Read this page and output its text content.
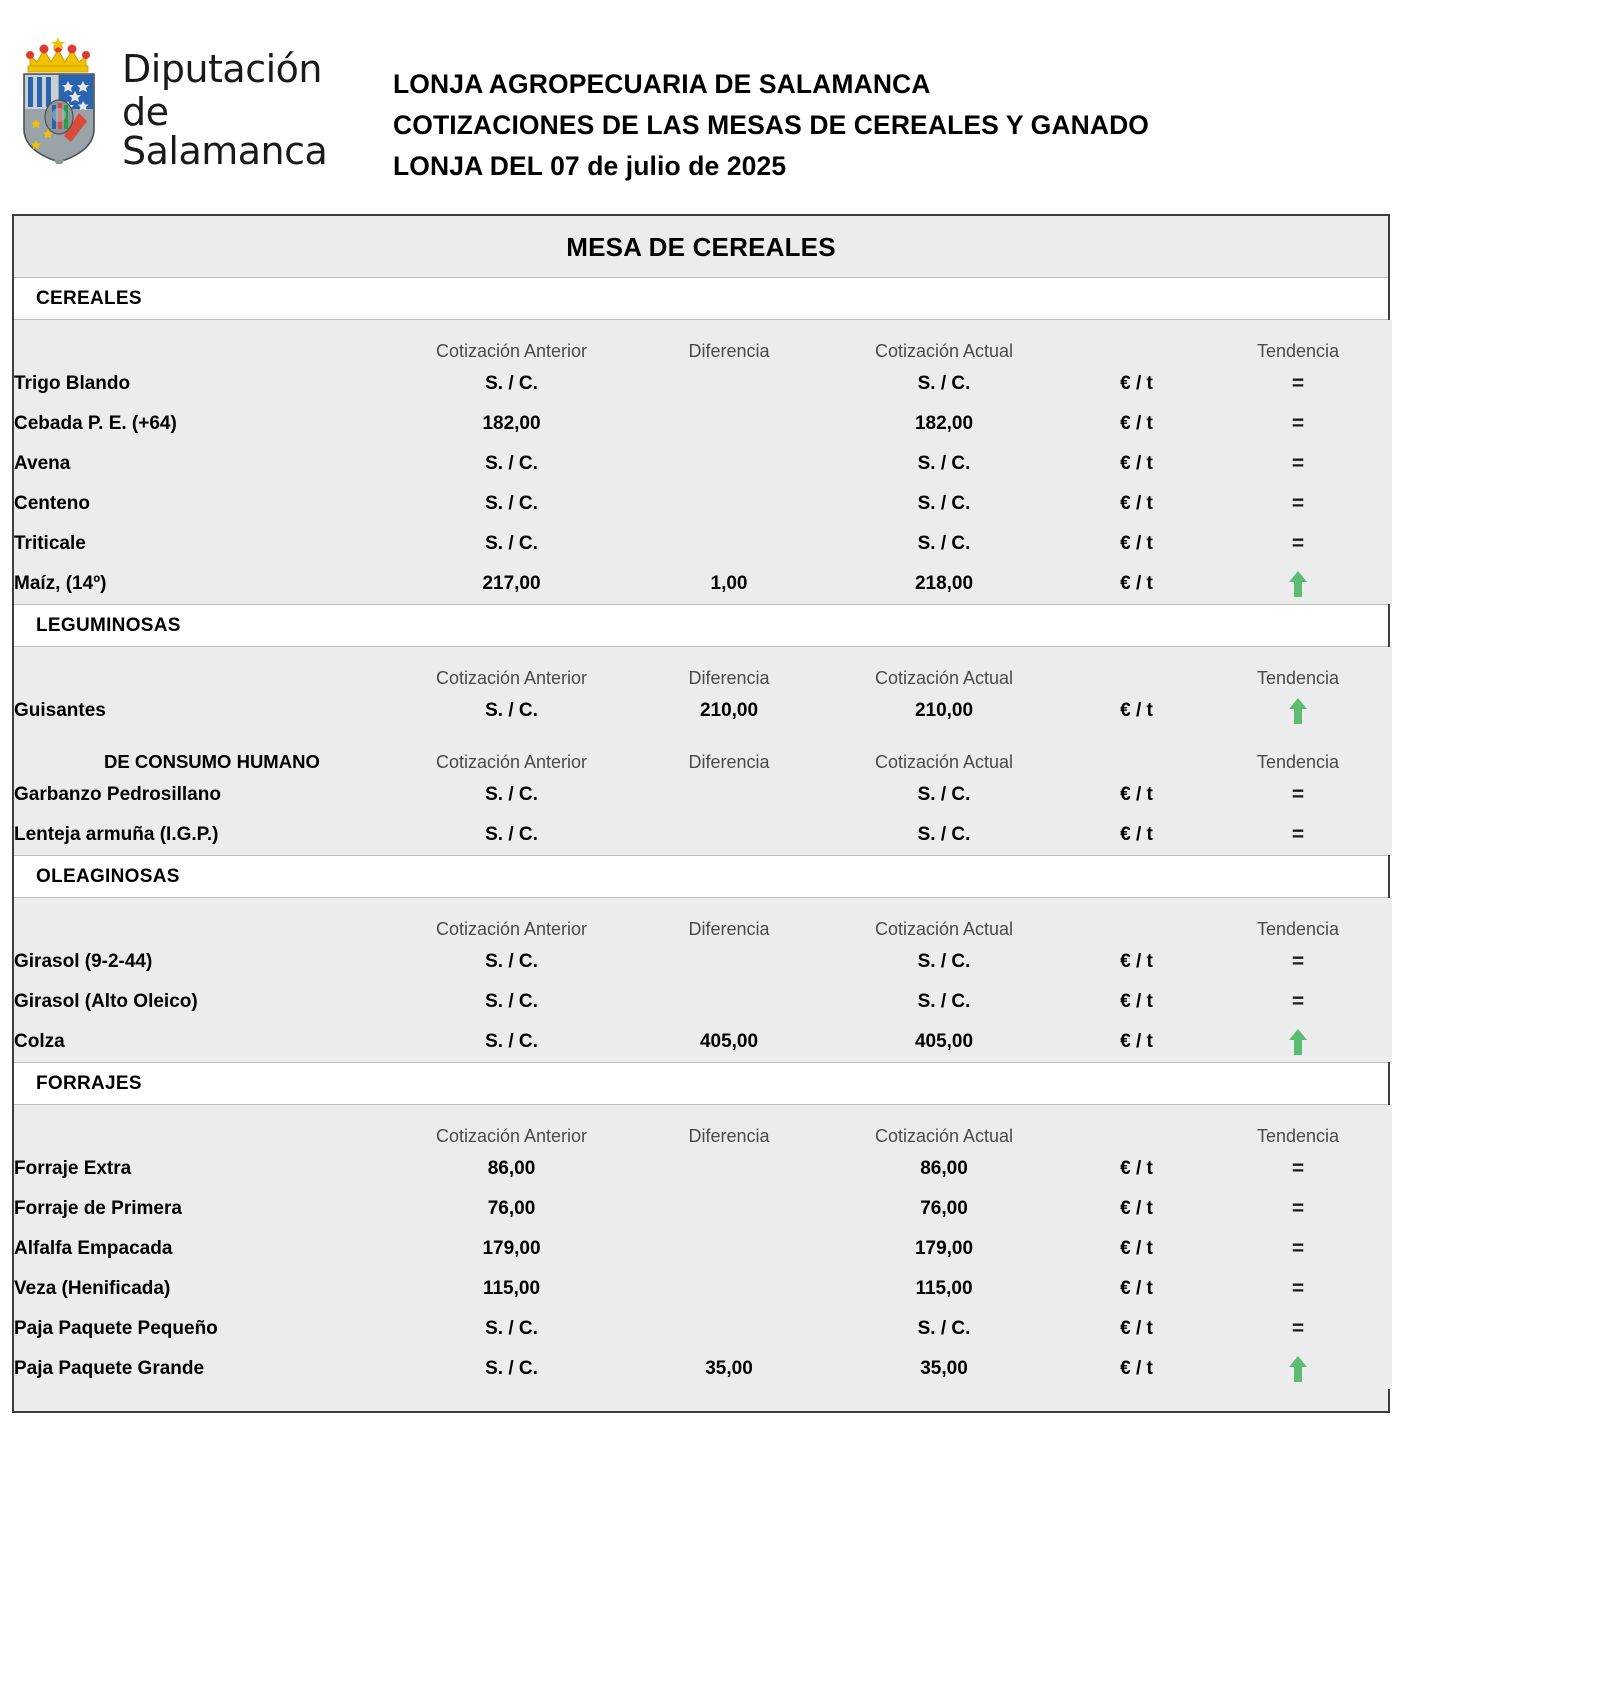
Diputación
de Salamanca
LONJA AGROPECUARIA DE SALAMANCA
COTIZACIONES DE LAS MESAS DE CEREALES Y GANADO
LONJA DEL 07 de julio de 2025
MESA DE CEREALES
CEREALES
	Cotización Anterior	Diferencia	Cotización Actual		Tendencia
Trigo Blando	S. / C.		S. / C.	€ / t	=
Cebada P. E. (+64)	182,00		182,00	€ / t	=
Avena	S. / C.		S. / C.	€ / t	=
Centeno	S. / C.		S. / C.	€ / t	=
Triticale	S. / C.		S. / C.	€ / t	=
Maíz, (14º)	217,00	1,00	218,00	€ / t	
LEGUMINOSAS
	Cotización Anterior	Diferencia	Cotización Actual		Tendencia
Guisantes	S. / C.	210,00	210,00	€ / t	

DE CONSUMO HUMANO	Cotización Anterior	Diferencia	Cotización Actual		Tendencia
Garbanzo Pedrosillano	S. / C.		S. / C.	€ / t	=
Lenteja armuña (I.G.P.)	S. / C.		S. / C.	€ / t	=
OLEAGINOSAS
	Cotización Anterior	Diferencia	Cotización Actual		Tendencia
Girasol (9-2-44)	S. / C.		S. / C.	€ / t	=
Girasol (Alto Oleico)	S. / C.		S. / C.	€ / t	=
Colza	S. / C.	405,00	405,00	€ / t	
FORRAJES
	Cotización Anterior	Diferencia	Cotización Actual		Tendencia
Forraje Extra	86,00		86,00	€ / t	=
Forraje de Primera	76,00		76,00	€ / t	=
Alfalfa Empacada	179,00		179,00	€ / t	=
Veza (Henificada)	115,00		115,00	€ / t	=
Paja Paquete Pequeño	S. / C.		S. / C.	€ / t	=
Paja Paquete Grande	S. / C.	35,00	35,00	€ / t	
